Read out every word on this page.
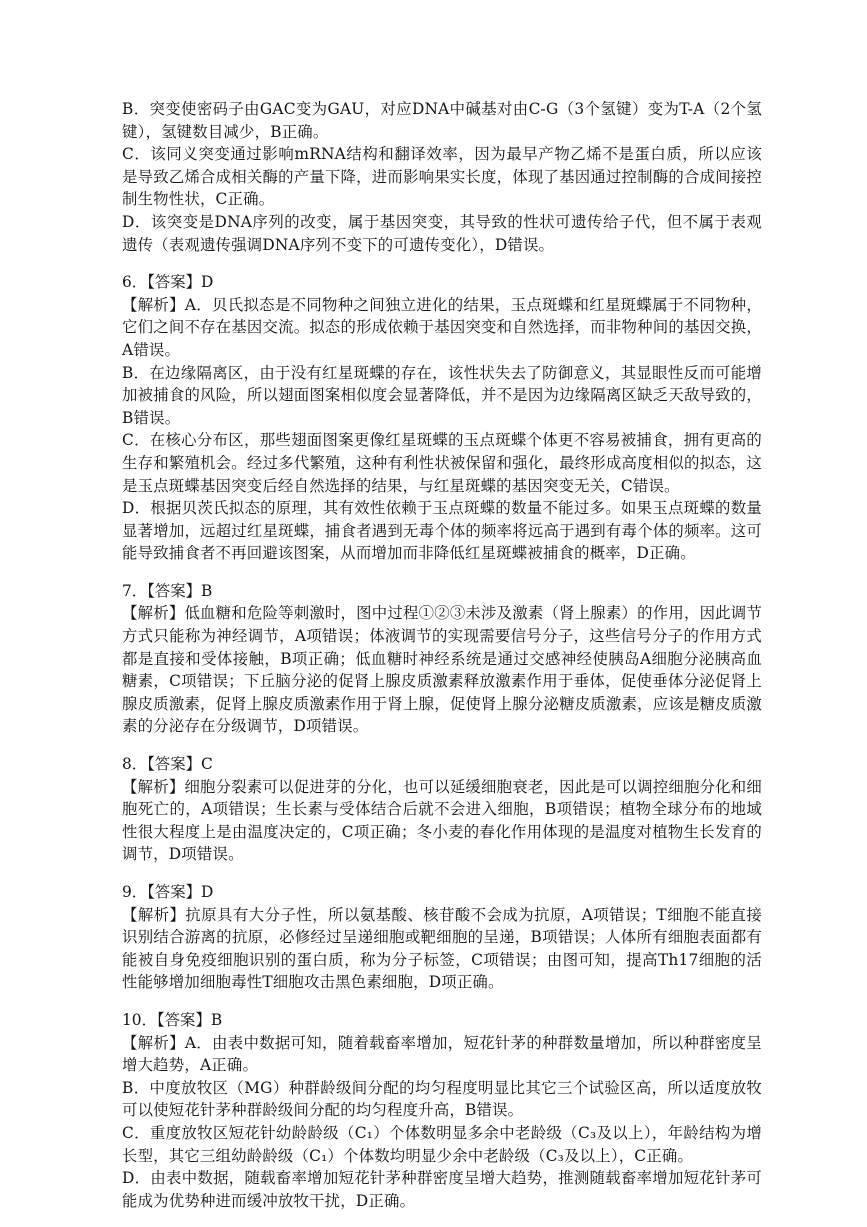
B．突变使密码子由GAC变为GAU，对应DNA中碱基对由C-G（3个氢键）变为T-A（2个氢键），氢键数目减少，B正确。

C．该同义突变通过影响mRNA结构和翻译效率，因为最早产物乙烯不是蛋白质，所以应该是导致乙烯合成相关酶的产量下降，进而影响果实长度，体现了基因通过控制酶的合成间接控制生物性状，C正确。

D．该突变是DNA序列的改变，属于基因突变，其导致的性状可遗传给子代，但不属于表观遗传（表观遗传强调DNA序列不变下的可遗传变化），D错误。

6．【答案】D

【解析】A．贝氏拟态是不同物种之间独立进化的结果，玉点斑蝶和红星斑蝶属于不同物种，它们之间不存在基因交流。拟态的形成依赖于基因突变和自然选择，而非物种间的基因交换，A错误。

B．在边缘隔离区，由于没有红星斑蝶的存在，该性状失去了防御意义，其显眼性反而可能增加被捕食的风险，所以翅面图案相似度会显著降低，并不是因为边缘隔离区缺乏天敌导致的，B错误。

C．在核心分布区，那些翅面图案更像红星斑蝶的玉点斑蝶个体更不容易被捕食，拥有更高的生存和繁殖机会。经过多代繁殖，这种有利性状被保留和强化，最终形成高度相似的拟态，这是玉点斑蝶基因突变后经自然选择的结果，与红星斑蝶的基因突变无关，C错误。

D．根据贝茨氏拟态的原理，其有效性依赖于玉点斑蝶的数量不能过多。如果玉点斑蝶的数量显著增加，远超过红星斑蝶，捕食者遇到无毒个体的频率将远高于遇到有毒个体的频率。这可能导致捕食者不再回避该图案，从而增加而非降低红星斑蝶被捕食的概率，D正确。

7．【答案】B

【解析】低血糖和危险等刺激时，图中过程①②③未涉及激素（肾上腺素）的作用，因此调节方式只能称为神经调节，A项错误；体液调节的实现需要信号分子，这些信号分子的作用方式都是直接和受体接触，B项正确；低血糖时神经系统是通过交感神经使胰岛A细胞分泌胰高血糖素，C项错误；下丘脑分泌的促肾上腺皮质激素释放激素作用于垂体，促使垂体分泌促肾上腺皮质激素，促肾上腺皮质激素作用于肾上腺，促使肾上腺分泌糖皮质激素，应该是糖皮质激素的分泌存在分级调节，D项错误。

8．【答案】C

【解析】细胞分裂素可以促进芽的分化，也可以延缓细胞衰老，因此是可以调控细胞分化和细胞死亡的，A项错误；生长素与受体结合后就不会进入细胞，B项错误；植物全球分布的地域性很大程度上是由温度决定的，C项正确；冬小麦的春化作用体现的是温度对植物生长发育的调节，D项错误。

9．【答案】D

【解析】抗原具有大分子性，所以氨基酸、核苷酸不会成为抗原，A项错误；T细胞不能直接识别结合游离的抗原，必修经过呈递细胞或靶细胞的呈递，B项错误；人体所有细胞表面都有能被自身免疫细胞识别的蛋白质，称为分子标签，C项错误；由图可知，提高Th17细胞的活性能够增加细胞毒性T细胞攻击黑色素细胞，D项正确。

10．【答案】B

【解析】A．由表中数据可知，随着载畜率增加，短花针茅的种群数量增加，所以种群密度呈增大趋势，A正确。

B．中度放牧区（MG）种群龄级间分配的均匀程度明显比其它三个试验区高，所以适度放牧可以使短花针茅种群龄级间分配的均匀程度升高，B错误。

C．重度放牧区短花针幼龄龄级（C₁）个体数明显多余中老龄级（C₃及以上），年龄结构为增长型，其它三组幼龄龄级（C₁）个体数均明显少余中老龄级（C₃及以上），C正确。

D．由表中数据，随载畜率增加短花针茅种群密度呈增大趋势，推测随载畜率增加短花针茅可能成为优势种进而缓冲放牧干扰，D正确。
